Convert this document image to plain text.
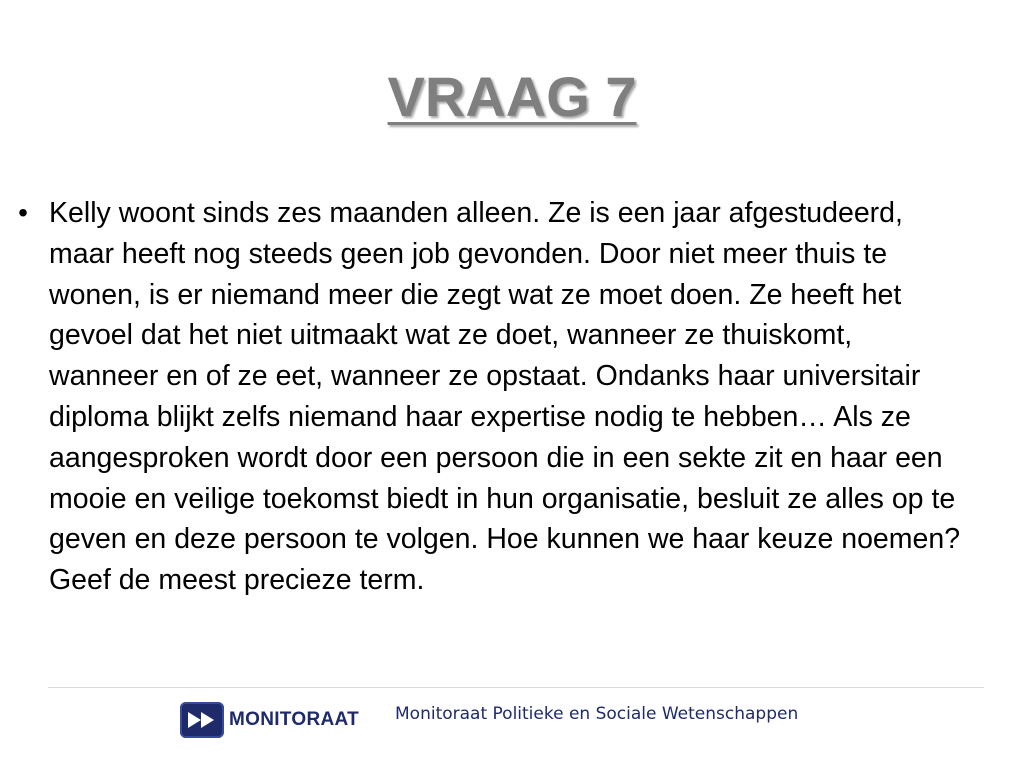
VRAAG 7
• Kelly woont sinds zes maanden alleen. Ze is een jaar afgestudeerd, maar heeft nog steeds geen job gevonden. Door niet meer thuis te wonen, is er niemand meer die zegt wat ze moet doen. Ze heeft het gevoel dat het niet uitmaakt wat ze doet, wanneer ze thuiskomt, wanneer en of ze eet, wanneer ze opstaat. Ondanks haar universitair diploma blijkt zelfs niemand haar expertise nodig te hebben… Als ze aangesproken wordt door een persoon die in een sekte zit en haar een mooie en veilige toekomst biedt in hun organisatie, besluit ze alles op te geven en deze persoon te volgen. Hoe kunnen we haar keuze noemen? Geef de meest precieze term.
MONITORAAT Monitoraat Politieke en Sociale Wetenschappen
